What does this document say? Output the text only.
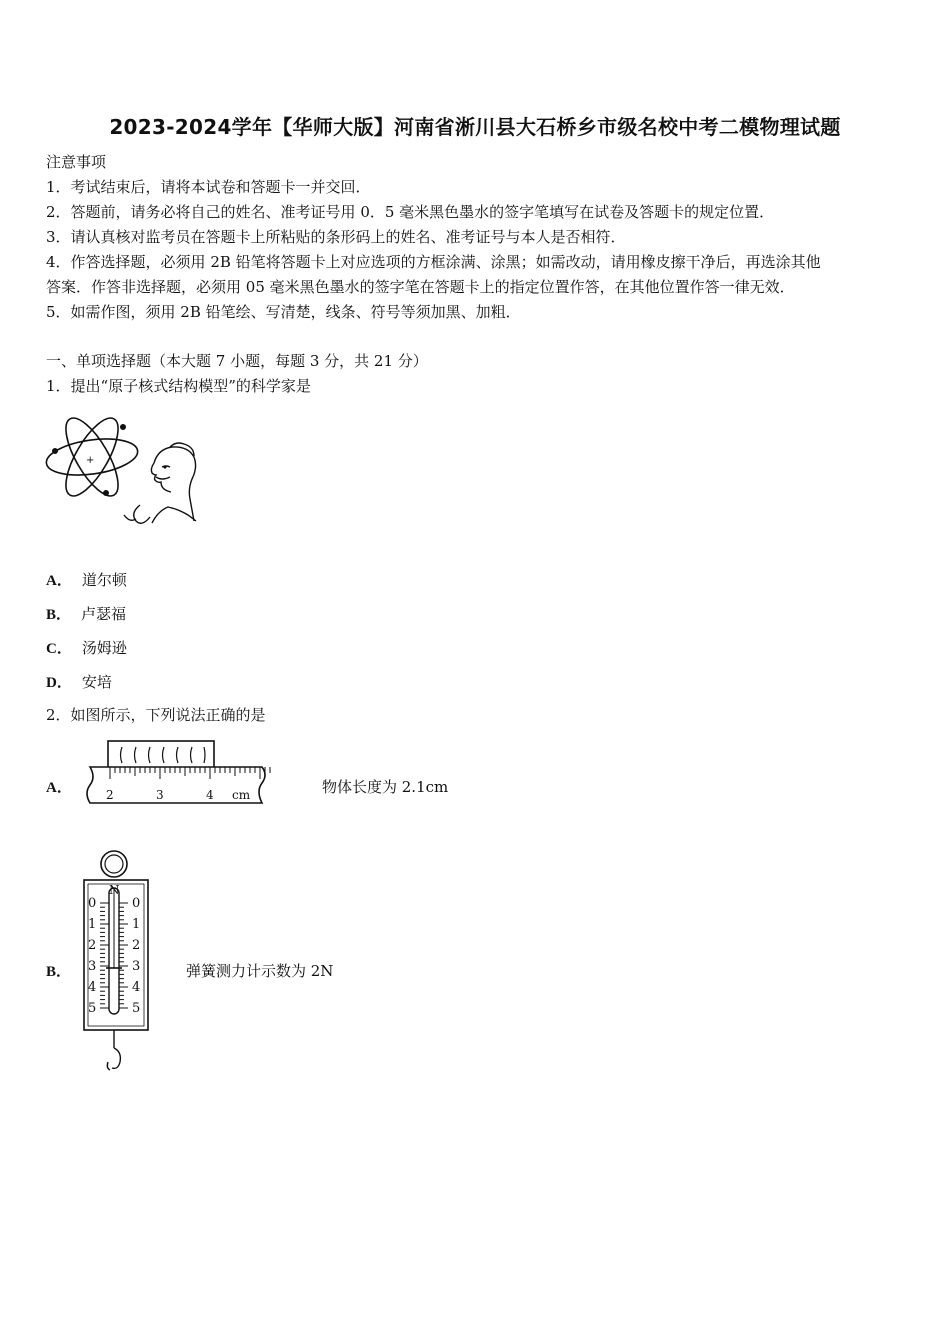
2023-2024学年【华师大版】河南省淅川县大石桥乡市级名校中考二模物理试题
注意事项
1．考试结束后，请将本试卷和答题卡一并交回．
2．答题前，请务必将自己的姓名、准考证号用 0．5 毫米黑色墨水的签字笔填写在试卷及答题卡的规定位置．
3．请认真核对监考员在答题卡上所粘贴的条形码上的姓名、准考证号与本人是否相符．
4．作答选择题，必须用 2B 铅笔将答题卡上对应选项的方框涂满、涂黑；如需改动，请用橡皮擦干净后，再选涂其他
答案．作答非选择题，必须用 05 毫米黑色墨水的签字笔在答题卡上的指定位置作答，在其他位置作答一律无效．
5．如需作图，须用 2B 铅笔绘、写清楚，线条、符号等须加黑、加粗．
一、单项选择题（本大题 7 小题，每题 3 分，共 21 分）
1．提出“原子核式结构模型”的科学家是
+
A． 道尔顿
B． 卢瑟福
C． 汤姆逊
D． 安培
2．如图所示，下列说法正确的是
A．	2	3	4 cm	物体长度为 2.1cm
B．
N
0
1
2
3
4
5
0
1
2
3
4
5
弹簧测力计示数为 2N
